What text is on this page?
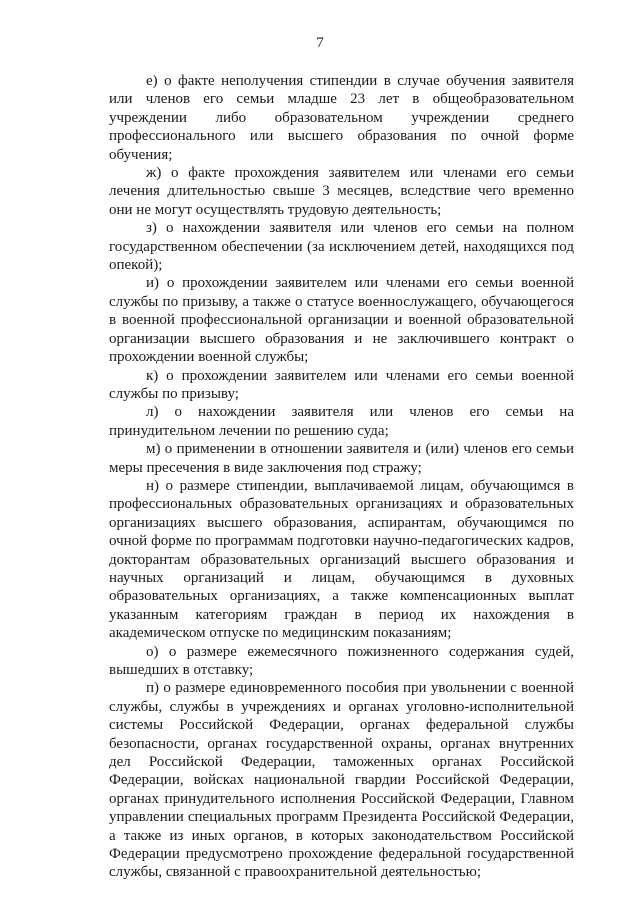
7

е) о факте неполучения стипендии в случае обучения заявителя или членов его семьи младше 23 лет в общеобразовательном учреждении либо образовательном учреждении среднего профессионального или высшего образования по очной форме обучения;

ж) о факте прохождения заявителем или членами его семьи лечения длительностью свыше 3 месяцев, вследствие чего временно они не могут осуществлять трудовую деятельность;

з) о нахождении заявителя или членов его семьи на полном государственном обеспечении (за исключением детей, находящихся под опекой);

и) о прохождении заявителем или членами его семьи военной службы по призыву, а также о статусе военнослужащего, обучающегося в военной профессиональной организации и военной образовательной организации высшего образования и не заключившего контракт о прохождении военной службы;

к) о прохождении заявителем или членами его семьи военной службы по призыву;

л) о нахождении заявителя или членов его семьи на принудительном лечении по решению суда;

м) о применении в отношении заявителя и (или) членов его семьи меры пресечения в виде заключения под стражу;

н) о размере стипендии, выплачиваемой лицам, обучающимся в профессиональных образовательных организациях и образовательных организациях высшего образования, аспирантам, обучающимся по очной форме по программам подготовки научно-педагогических кадров, докторантам образовательных организаций высшего образования и научных организаций и лицам, обучающимся в духовных образовательных организациях, а также компенсационных выплат указанным категориям граждан в период их нахождения в академическом отпуске по медицинским показаниям;

о) о размере ежемесячного пожизненного содержания судей, вышедших в отставку;

п) о размере единовременного пособия при увольнении с военной службы, службы в учреждениях и органах уголовно-исполнительной системы Российской Федерации, органах федеральной службы безопасности, органах государственной охраны, органах внутренних дел Российской Федерации, таможенных органах Российской Федерации, войсках национальной гвардии Российской Федерации, органах принудительного исполнения Российской Федерации, Главном управлении специальных программ Президента Российской Федерации, а также из иных органов, в которых законодательством Российской Федерации предусмотрено прохождение федеральной государственной службы, связанной с правоохранительной деятельностью;
